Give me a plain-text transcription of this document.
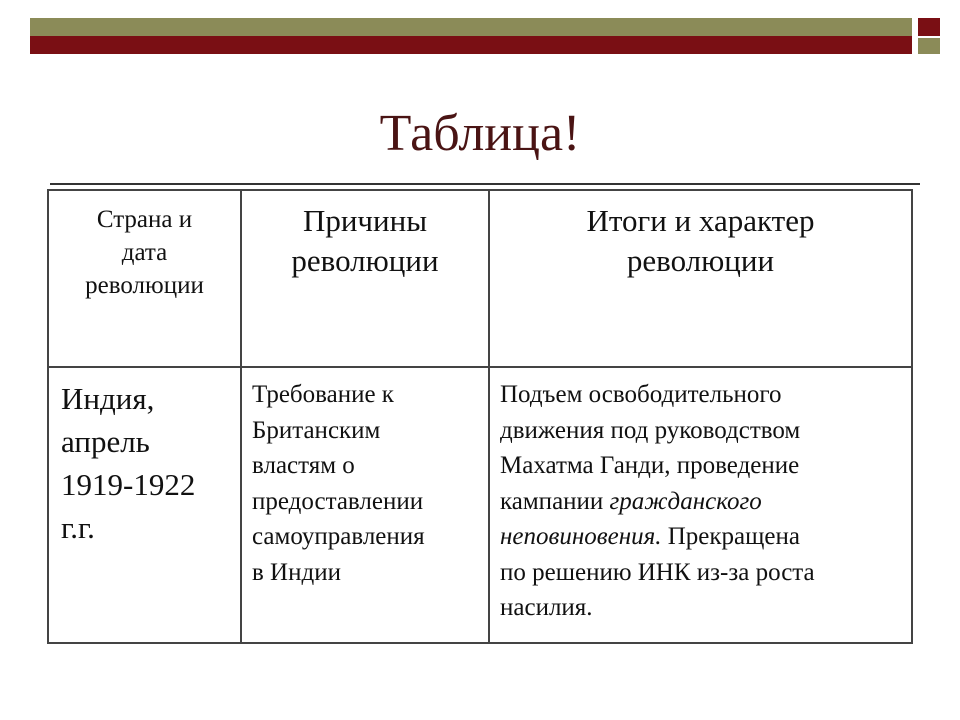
Таблица!
Страна и
дата
революции
Причины
революции
Итоги и характер
революции
Индия,
апрель
1919-1922
г.г.
Требование к
Британским
властям о
предоставлении
самоуправления
в Индии
Подъем освободительного
движения под руководством
Махатма Ганди, проведение
кампании гражданского
неповиновения. Прекращена
по решению ИНК из-за роста
насилия.
